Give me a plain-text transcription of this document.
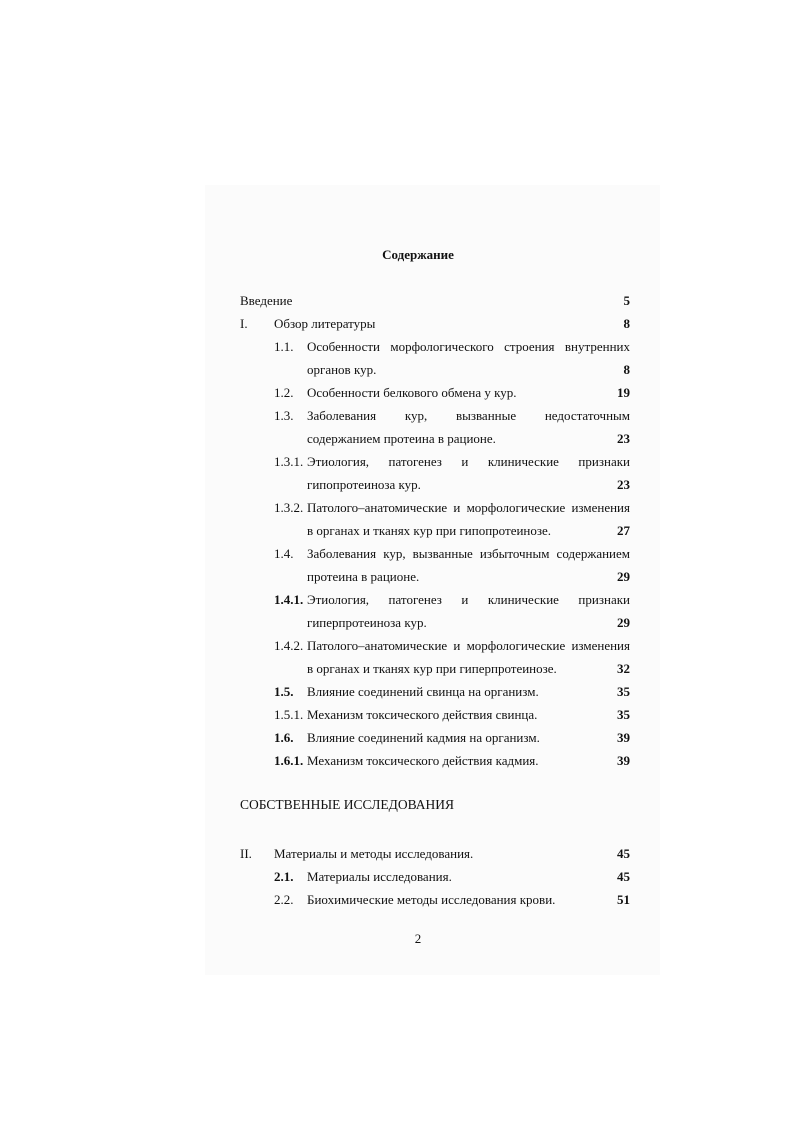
Содержание
Введение	5
I. Обзор литературы	8
1.1. Особенности морфологического строения внутренних
органов кур.	8
1.2. Особенности белкового обмена у кур.	19
1.3. Заболевания кур, вызванные недостаточным
содержанием протеина в рационе.	23
1.3.1. Этиология, патогенез и клинические признаки
гипопротеиноза кур.	23
1.3.2. Патолого–анатомические и морфологические изменения
в органах и тканях кур при гипопротеинозе.	27
1.4. Заболевания кур, вызванные избыточным содержанием
протеина в рационе.	29
1.4.1. Этиология, патогенез и клинические признаки
гиперпротеиноза кур.	29
1.4.2. Патолого–анатомические и морфологические изменения
в органах и тканях кур при гиперпротеинозе.	32
1.5. Влияние соединений свинца на организм.	35
1.5.1. Механизм токсического действия свинца.	35
1.6. Влияние соединений кадмия на организм.	39
1.6.1. Механизм токсического действия кадмия.	39
СОБСТВЕННЫЕ ИССЛЕДОВАНИЯ
II. Материалы и методы исследования.	45
2.1. Материалы исследования.	45
2.2. Биохимические методы исследования крови.	51
2
